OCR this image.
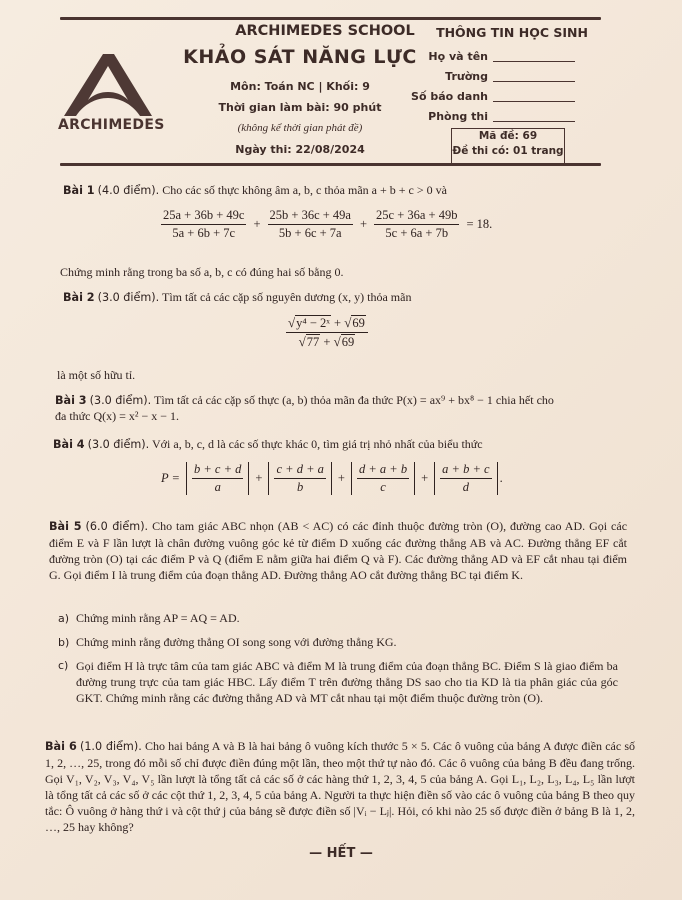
ARCHIMEDES
ARCHIMEDES SCHOOL
KHẢO SÁT NĂNG LỰC
Môn: Toán NC | Khối: 9
Thời gian làm bài: 90 phút
(không kể thời gian phát đề)
Ngày thi: 22/08/2024
THÔNG TIN HỌC SINH
Họ và tên
Trường
Số báo danh
Phòng thi
Mã đề: 69
Đề thi có: 01 trang
Bài 1 (4.0 điểm). Cho các số thực không âm a, b, c thỏa mãn a + b + c > 0 và
$\frac{25a + 36b + 49c}{5a + 6b + 7c} + \frac{25b + 36c + 49a}{5b + 6c + 7a} + \frac{25c + 36a + 49b}{5c + 6a + 7b} = 18$.
Chứng minh rằng trong ba số a, b, c có đúng hai số bằng 0.
Bài 2 (3.0 điểm). Tìm tất cả các cặp số nguyên dương (x, y) thỏa mãn
$\frac{\text{√y⁴ − 2ˣ + √69}}{√77 + √69}$
là một số hữu tỉ.
Bài 3 (3.0 điểm). Tìm tất cả các cặp số thực (a, b) thỏa mãn đa thức P(x) = ax⁹ + bx⁸ − 1 chia hết cho
đa thức Q(x) = x² − x − 1.
Bài 4 (3.0 điểm). Với a, b, c, d là các số thực khác 0, tìm giá trị nhỏ nhất của biểu thức
$P = \frac{b + c + d}{a} + \frac{c + d + a}{b} + \frac{d + a + b}{c} + \frac{a + b + c}{d}$ .
Bài 5 (6.0 điểm). Cho tam giác ABC nhọn (AB < AC) có các đỉnh thuộc đường tròn (O), đường cao AD. Gọi các điểm E và F lần lượt là chân đường vuông góc kẻ từ điểm D xuống các đường thẳng AB và AC. Đường thẳng EF cắt đường tròn (O) tại các điểm P và Q (điểm E nằm giữa hai điểm Q và F). Các đường thẳng AD và EF cắt nhau tại điểm G. Gọi điểm I là trung điểm của đoạn thẳng AD. Đường thẳng AO cắt đường thẳng BC tại điểm K.
a) Chứng minh rằng AP = AQ = AD.
b) Chứng minh rằng đường thẳng OI song song với đường thẳng KG.
c) Gọi điểm H là trực tâm của tam giác ABC và điểm M là trung điểm của đoạn thẳng BC. Điểm S là giao điểm ba đường trung trực của tam giác HBC. Lấy điểm T trên đường thẳng DS sao cho tia KD là tia phân giác của góc GKT. Chứng minh rằng các đường thẳng AD và MT cắt nhau tại một điểm thuộc đường tròn (O).
Bài 6 (1.0 điểm). Cho hai bảng A và B là hai bảng ô vuông kích thước 5 × 5. Các ô vuông của bảng A được điền các số 1, 2, …, 25, trong đó mỗi số chỉ được điền đúng một lần, theo một thứ tự nào đó. Các ô vuông của bảng B đều đang trống. Gọi V₁, V₂, V₃, V₄, V₅ lần lượt là tổng tất cả các số ở các hàng thứ 1, 2, 3, 4, 5 của bảng A. Gọi L₁, L₂, L₃, L₄, L₅ lần lượt là tổng tất cả các số ở các cột thứ 1, 2, 3, 4, 5 của bảng A. Người ta thực hiện điền số vào các ô vuông của bảng B theo quy tắc: Ô vuông ở hàng thứ i và cột thứ j của bảng sẽ được điền số |Vᵢ − Lⱼ|. Hỏi, có khi nào 25 số được điền ở bảng B là 1, 2, …, 25 hay không?
— HẾT —
